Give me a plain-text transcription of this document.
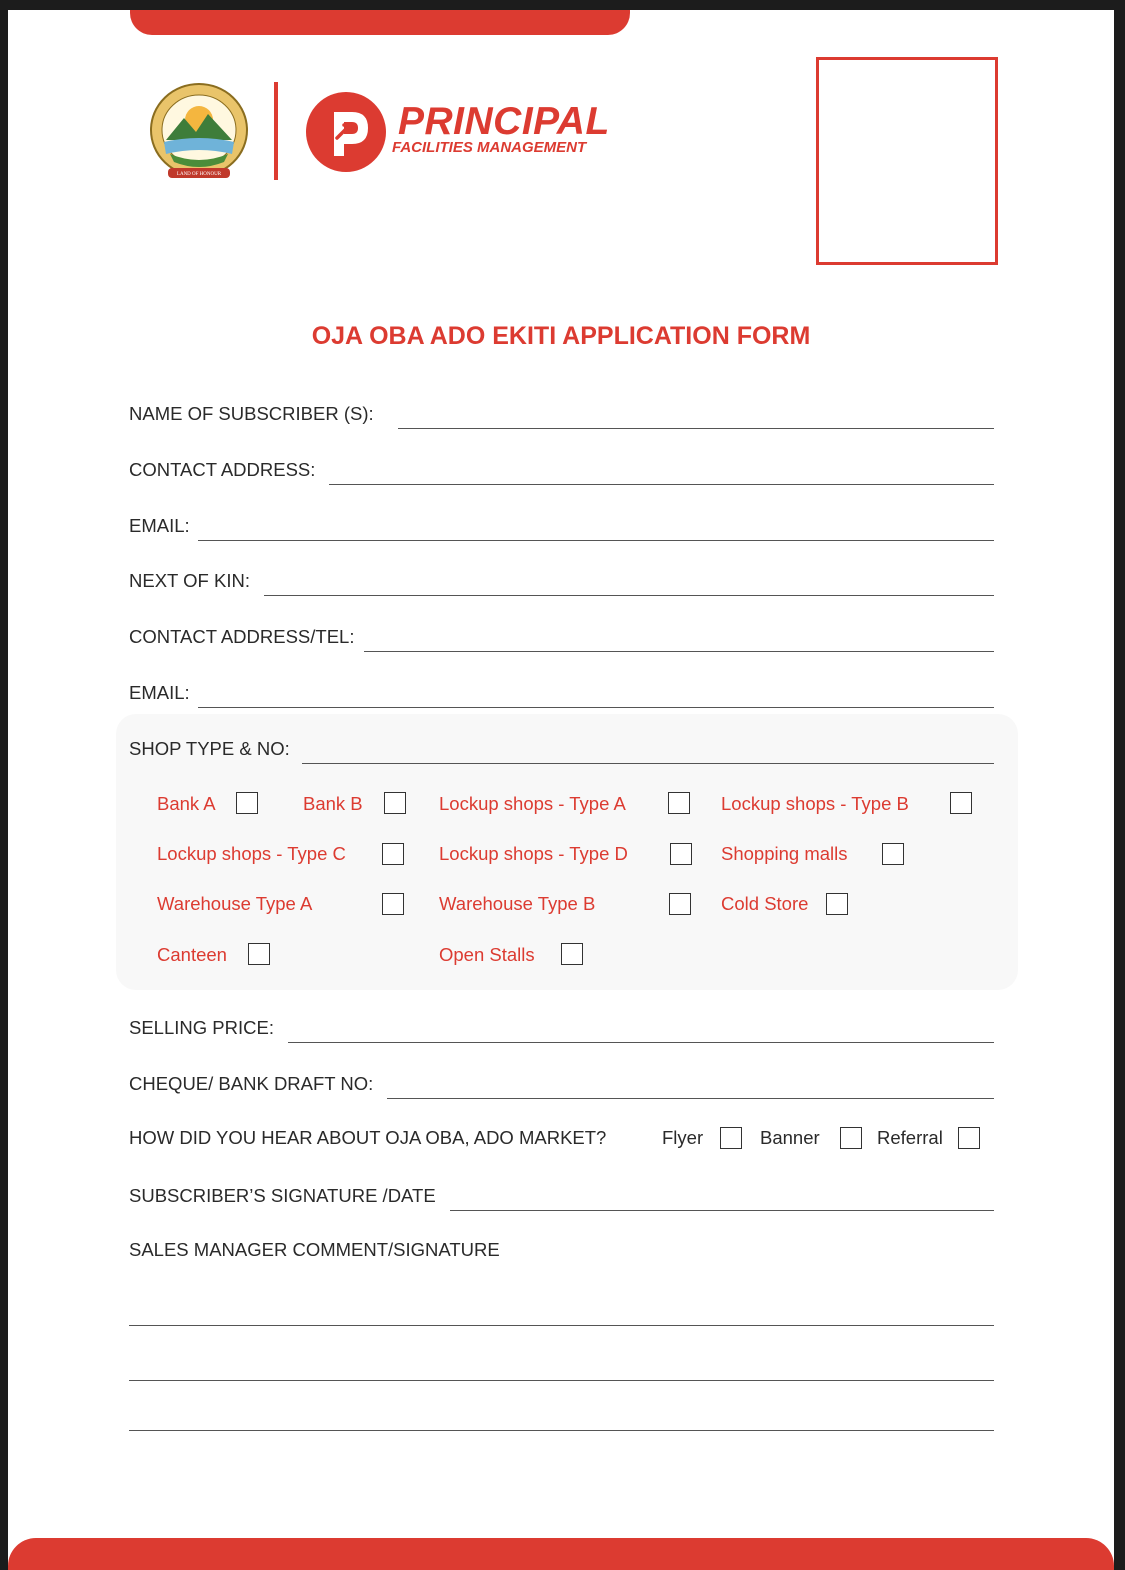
LAND OF HONOUR

PRINCIPAL

FACILITIES MANAGEMENT

OJA OBA ADO EKITI APPLICATION FORM
NAME OF SUBSCRIBER (S):
CONTACT ADDRESS:
EMAIL:
NEXT OF KIN:
CONTACT ADDRESS/TEL:
EMAIL:
SHOP TYPE & NO:
Bank A	Bank B	Lockup shops - Type A	Lockup shops - Type B
Lockup shops - Type C	Lockup shops - Type D	Shopping malls
Warehouse Type A	Warehouse Type B	Cold Store
Canteen	Open Stalls
SELLING PRICE:
CHEQUE/ BANK DRAFT NO:
HOW DID YOU HEAR ABOUT OJA OBA, ADO MARKET?	Flyer	Banner	Referral
SUBSCRIBER’S SIGNATURE /DATE
SALES MANAGER COMMENT/SIGNATURE
